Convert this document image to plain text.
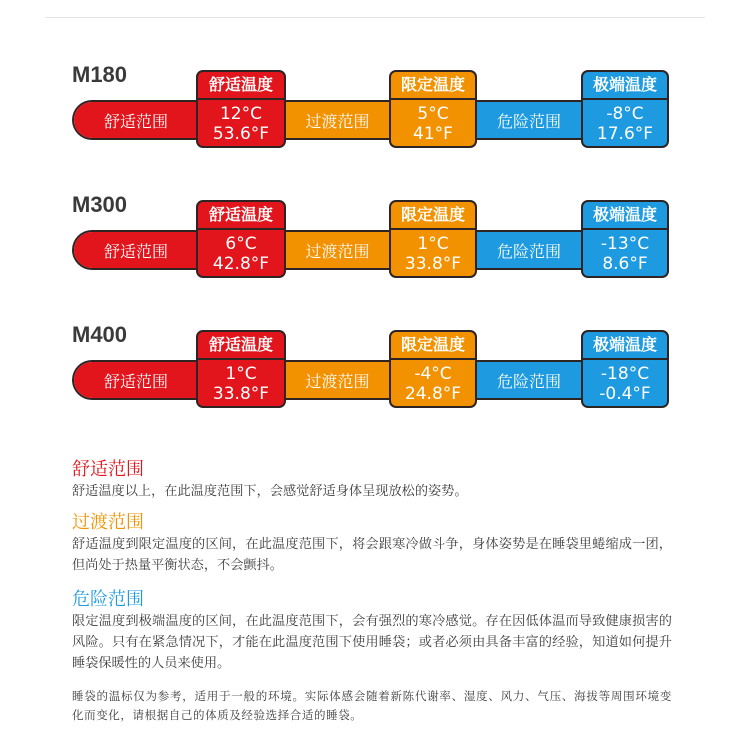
M180
舒适范围	过渡范围	危险范围
舒适温度
12°C
53.6°F
限定温度
5°C
41°F
极端温度
-8°C
17.6°F
M300
舒适范围	过渡范围	危险范围
舒适温度
6°C
42.8°F
限定温度
1°C
33.8°F
极端温度
-13°C
8.6°F
M400
舒适范围	过渡范围	危险范围
舒适温度
1°C
33.8°F
限定温度
-4°C
24.8°F
极端温度
-18°C
-0.4°F
舒适范围
舒适温度以上，在此温度范围下，会感觉舒适身体呈现放松的姿势。
过渡范围
舒适温度到限定温度的区间，在此温度范围下，将会跟寒冷做斗争，身体姿势是在睡袋里蜷缩成一团，但尚处于热量平衡状态，不会颤抖。
危险范围
限定温度到极端温度的区间，在此温度范围下，会有强烈的寒冷感觉。存在因低体温而导致健康损害的风险。只有在紧急情况下，才能在此温度范围下使用睡袋；或者必须由具备丰富的经验，知道如何提升睡袋保暖性的人员来使用。
睡袋的温标仅为参考，适用于一般的环境。实际体感会随着新陈代谢率、湿度、风力、气压、海拔等周围环境变化而变化，请根据自己的体质及经验选择合适的睡袋。
